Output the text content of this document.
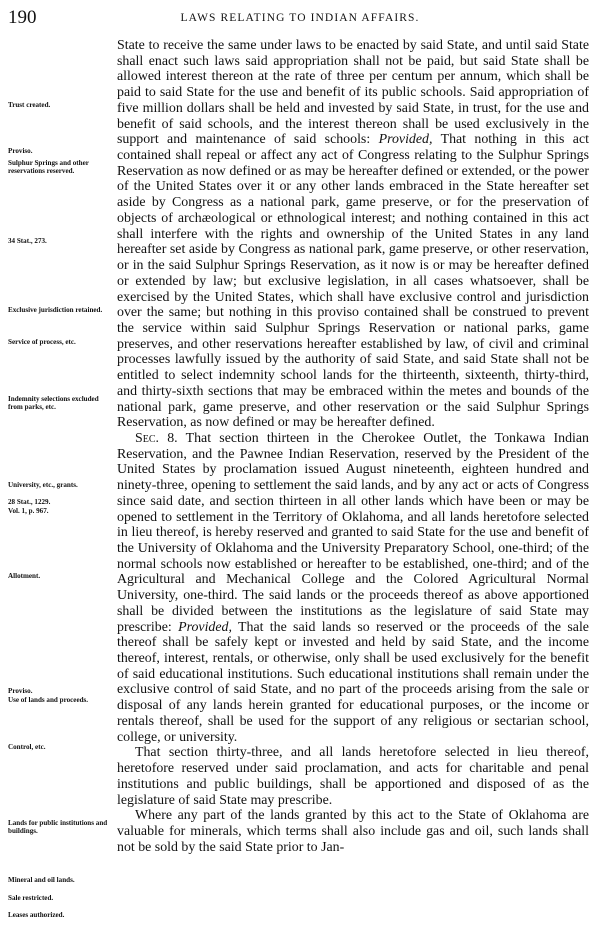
190	LAWS RELATING TO INDIAN AFFAIRS.
Trust created.
Proviso.
Sulphur Springs and other reservations reserved.
34 Stat., 273.
Exclusive jurisdiction retained.
Service of process, etc.
Indemnity selections excluded from parks, etc.
University, etc., grants.
28 Stat., 1229.
Vol. 1, p. 967.
Allotment.
Proviso.
Use of lands and proceeds.
Control, etc.
Lands for public institutions and buildings.
Mineral and oil lands.
Sale restricted.
Leases authorized.

State to receive the same under laws to be enacted by said State, and until said State shall enact such laws said appropriation shall not be paid, but said State shall be allowed interest thereon at the rate of three per centum per annum, which shall be paid to said State for the use and benefit of its public schools. Said appropriation of five million dollars shall be held and invested by said State, in trust, for the use and benefit of said schools, and the interest thereon shall be used exclusively in the support and maintenance of said schools: Provided, That nothing in this act contained shall repeal or affect any act of Congress relating to the Sulphur Springs Reservation as now defined or as may be hereafter defined or extended, or the power of the United States over it or any other lands embraced in the State hereafter set aside by Congress as a national park, game preserve, or for the preservation of objects of archæological or ethnological interest; and nothing contained in this act shall interfere with the rights and ownership of the United States in any land hereafter set aside by Congress as national park, game preserve, or other reservation, or in the said Sulphur Springs Reservation, as it now is or may be hereafter defined or extended by law; but exclusive legislation, in all cases whatsoever, shall be exercised by the United States, which shall have exclusive control and jurisdiction over the same; but nothing in this proviso contained shall be construed to prevent the service within said Sulphur Springs Reservation or national parks, game preserves, and other reservations hereafter established by law, of civil and criminal processes lawfully issued by the authority of said State, and said State shall not be entitled to select indemnity school lands for the thirteenth, sixteenth, thirty-third, and thirty-sixth sections that may be embraced within the metes and bounds of the national park, game preserve, and other reservation or the said Sulphur Springs Reservation, as now defined or may be hereafter defined.

Sec. 8. That section thirteen in the Cherokee Outlet, the Tonkawa Indian Reservation, and the Pawnee Indian Reservation, reserved by the President of the United States by proclamation issued August nineteenth, eighteen hundred and ninety-three, opening to settlement the said lands, and by any act or acts of Congress since said date, and section thirteen in all other lands which have been or may be opened to settlement in the Territory of Oklahoma, and all lands heretofore selected in lieu thereof, is hereby reserved and granted to said State for the use and benefit of the University of Oklahoma and the University Preparatory School, one-third; of the normal schools now established or hereafter to be established, one-third; and of the Agricultural and Mechanical College and the Colored Agricultural Normal University, one-third. The said lands or the proceeds thereof as above apportioned shall be divided between the institutions as the legislature of said State may prescribe: Provided, That the said lands so reserved or the proceeds of the sale thereof shall be safely kept or invested and held by said State, and the income thereof, interest, rentals, or otherwise, only shall be used exclusively for the benefit of said educational institutions. Such educational institutions shall remain under the exclusive control of said State, and no part of the proceeds arising from the sale or disposal of any lands herein granted for educational purposes, or the income or rentals thereof, shall be used for the support of any religious or sectarian school, college, or university.

That section thirty-three, and all lands heretofore selected in lieu thereof, heretofore reserved under said proclamation, and acts for charitable and penal institutions and public buildings, shall be apportioned and disposed of as the legislature of said State may prescribe.

Where any part of the lands granted by this act to the State of Oklahoma are valuable for minerals, which terms shall also include gas and oil, such lands shall not be sold by the said State prior to Jan-
